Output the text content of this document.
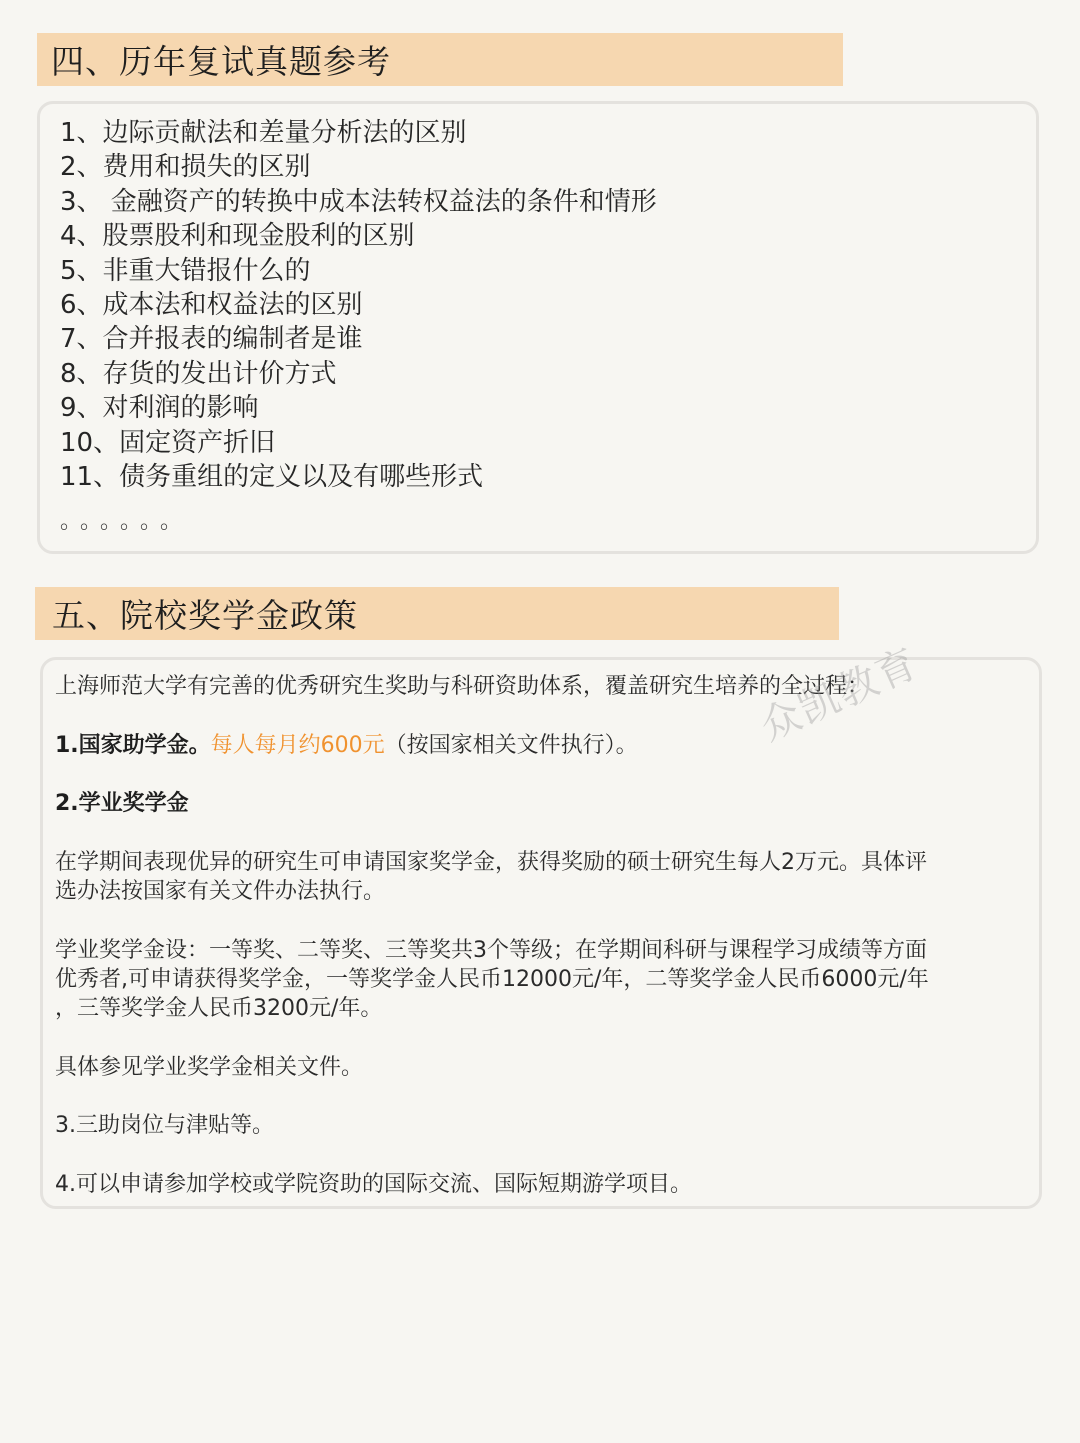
四、历年复试真题参考
1、边际贡献法和差量分析法的区别
2、费用和损失的区别
3、 金融资产的转换中成本法转权益法的条件和情形
4、股票股利和现金股利的区别
5、非重大错报什么的
6、成本法和权益法的区别
7、合并报表的编制者是谁
8、存货的发出计价方式
9、对利润的影响
10、固定资产折旧
11、债务重组的定义以及有哪些形式
。。。。。。
五、院校奖学金政策
上海师范大学有完善的优秀研究生奖助与科研资助体系，覆盖研究生培养的全过程：
1.国家助学金。每人每月约600元（按国家相关文件执行）。
2.学业奖学金
在学期间表现优异的研究生可申请国家奖学金，获得奖励的硕士研究生每人2万元。具体评
选办法按国家有关文件办法执行。
学业奖学金设：一等奖、二等奖、三等奖共3个等级；在学期间科研与课程学习成绩等方面
优秀者,可申请获得奖学金，一等奖学金人民币12000元/年，二等奖学金人民币6000元/年
，三等奖学金人民币3200元/年。
具体参见学业奖学金相关文件。
3.三助岗位与津贴等。
4.可以申请参加学校或学院资助的国际交流、国际短期游学项目。
众凯教育
